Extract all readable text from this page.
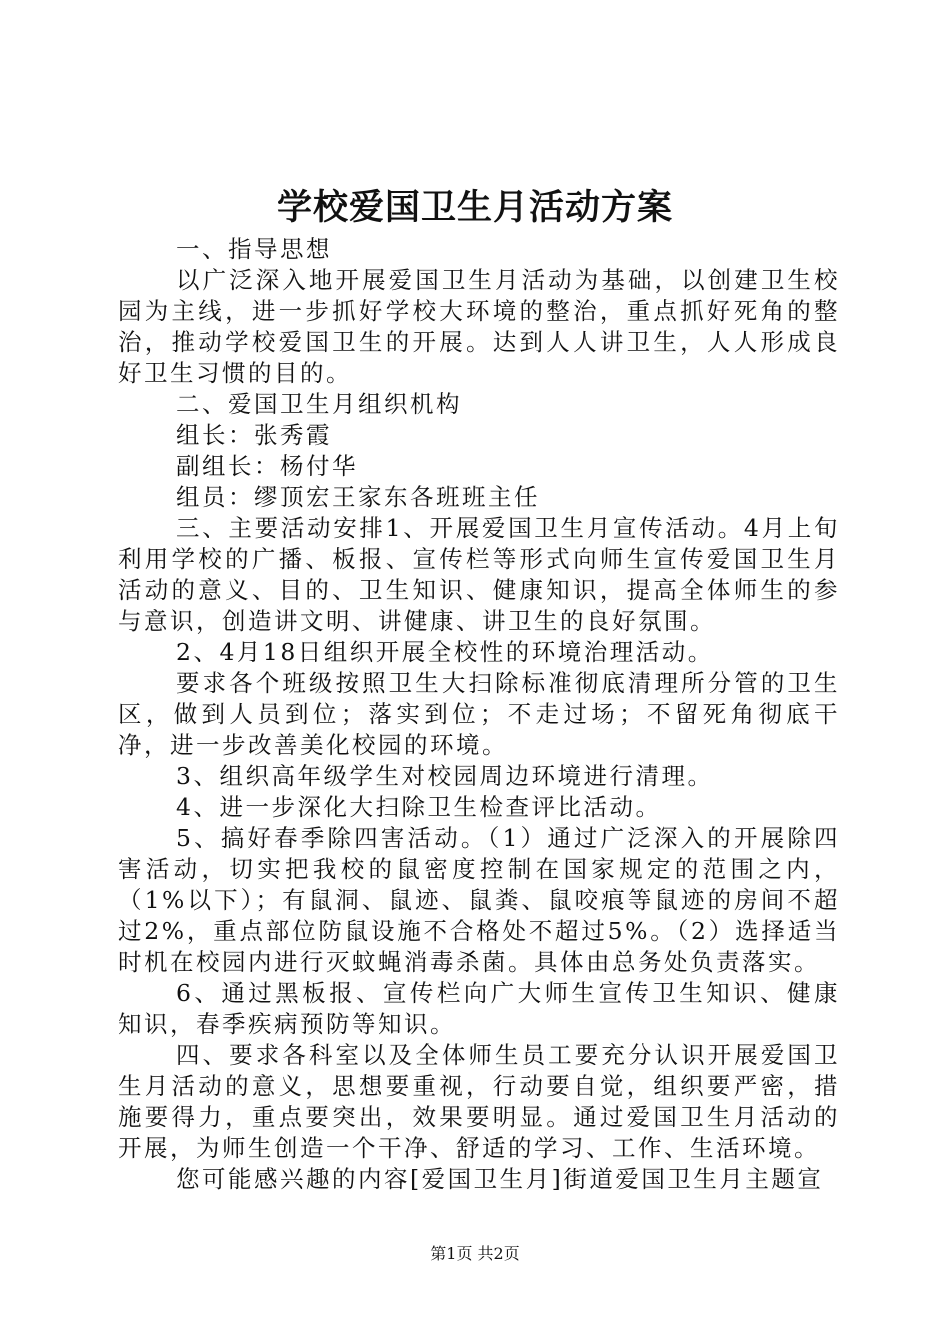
学校爱国卫生月活动方案

一、指导思想

以广泛深入地开展爱国卫生月活动为基础，以创建卫生校园为主线，进一步抓好学校大环境的整治，重点抓好死角的整治，推动学校爱国卫生的开展。达到人人讲卫生，人人形成良好卫生习惯的目的。

二、爱国卫生月组织机构

组长：张秀霞

副组长：杨付华

组员：缪顶宏王家东各班班主任

三、主要活动安排1、开展爱国卫生月宣传活动。4月上旬利用学校的广播、板报、宣传栏等形式向师生宣传爱国卫生月活动的意义、目的、卫生知识、健康知识，提高全体师生的参与意识，创造讲文明、讲健康、讲卫生的良好氛围。

2、4月18日组织开展全校性的环境治理活动。

要求各个班级按照卫生大扫除标准彻底清理所分管的卫生区，做到人员到位；落实到位；不走过场；不留死角彻底干净，进一步改善美化校园的环境。

3、组织高年级学生对校园周边环境进行清理。

4、进一步深化大扫除卫生检查评比活动。

5、搞好春季除四害活动。（1）通过广泛深入的开展除四害活动，切实把我校的鼠密度控制在国家规定的范围之内，（1%以下）；有鼠洞、鼠迹、鼠粪、鼠咬痕等鼠迹的房间不超过2%，重点部位防鼠设施不合格处不超过5%。（2）选择适当时机在校园内进行灭蚊蝇消毒杀菌。具体由总务处负责落实。

6、通过黑板报、宣传栏向广大师生宣传卫生知识、健康知识，春季疾病预防等知识。

四、要求各科室以及全体师生员工要充分认识开展爱国卫生月活动的意义，思想要重视，行动要自觉，组织要严密，措施要得力，重点要突出，效果要明显。通过爱国卫生月活动的开展，为师生创造一个干净、舒适的学习、工作、生活环境。

您可能感兴趣的内容[爱国卫生月]街道爱国卫生月主题宣

第1页 共2页
